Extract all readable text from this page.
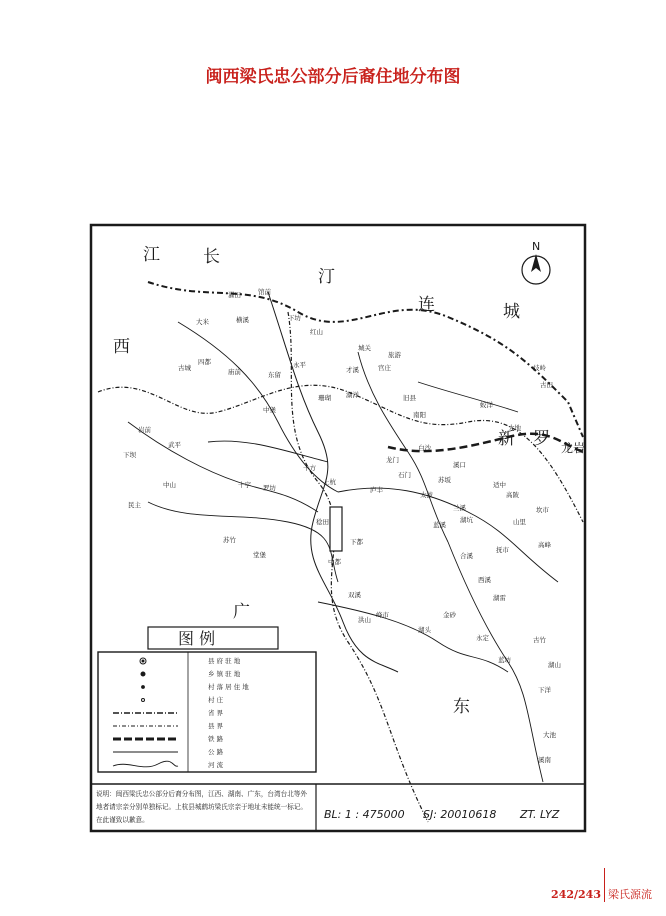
闽西梁氏忠公部分后裔住地分布图
N
江	长
汀
连	城
西
新 罗
广
东
龙岩
濯田	馆前
大米	横溪	下坊
红山
城关
旅游
古城	庙前	东留
四都	永平
中堡
才溪	官庄
珊瑚 湖洋	旧县
十方
上杭
中都
白沙
溪口
太拔
蓝溪
湖坑
兰溪
庐丰
稔田
下都
蛟洋
大地
适中
高陂
坎市
龙门
石门
苏坂
南阳
高峰
古田
歧岭
峰市
洪山
武平
岩前
下坝
民主
中山	十字 罗坊
苏竹
堂堡
双溪
永定
湖雷
合溪
西溪
抚市
山里
湖头
金砂
蓝坊
下洋
湖山
古竹
大池
溪南
图 例
县 府 驻 地
乡 镇 驻 地
村 落 居 住 地
村 庄
省 界
县 界
铁 路
公 路
河 流
说明：闽西梁氏忠公部分后裔分布图，江西、湖南、广东，台湾台北等外地者请宗亲分别单独标记。上杭县城鹤坊梁氏宗亲于地址未能统一标记。在此谨致以歉意。	BL: 1 : 475000 SJ: 20010618 ZT. LYZ
242/243 梁氏源流
